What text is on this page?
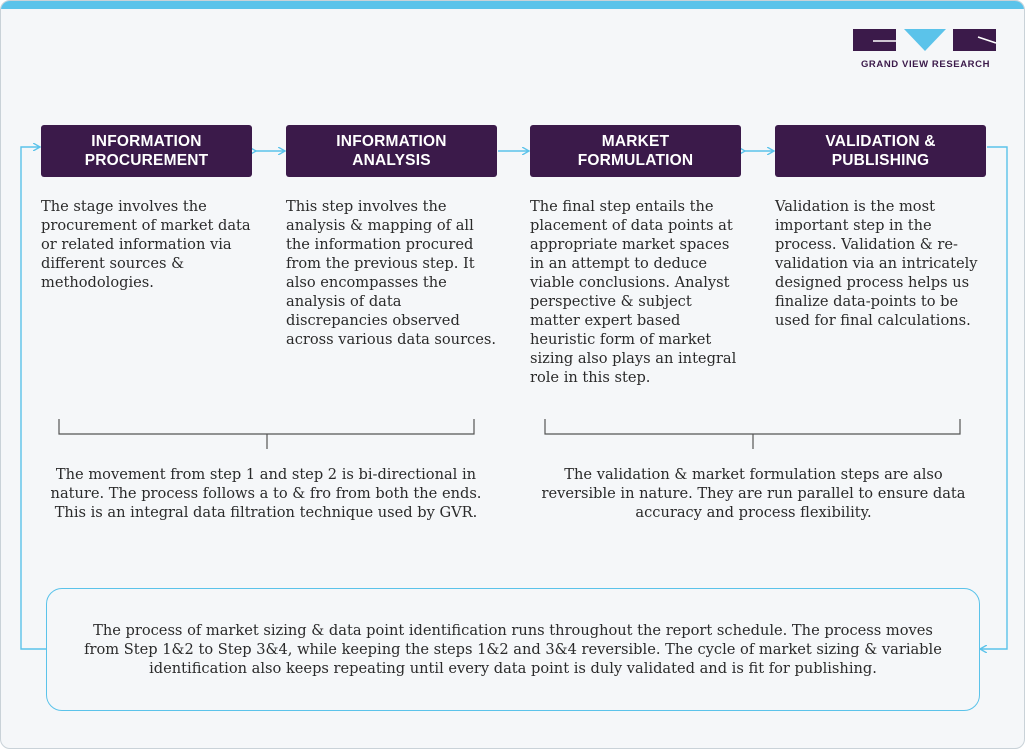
GRAND VIEW RESEARCH
INFORMATION
PROCUREMENT
INFORMATION
ANALYSIS
MARKET
FORMULATION
VALIDATION &
PUBLISHING
The stage involves the procurement of market data or related information via different sources & methodologies.
This step involves the analysis & mapping of all the information procured from the previous step. It also encompasses the analysis of data discrepancies observed across various data sources.
The final step entails the placement of data points at appropriate market spaces in an attempt to deduce viable conclusions. Analyst perspective & subject matter expert based heuristic form of market sizing also plays an integral role in this step.
Validation is the most important step in the process. Validation & re-validation via an intricately designed process helps us finalize data-points to be used for final calculations.
The movement from step 1 and step 2 is bi-directional in nature. The process follows a to & fro from both the ends. This is an integral data filtration technique used by GVR.
The validation & market formulation steps are also reversible in nature. They are run parallel to ensure data accuracy and process flexibility.
The process of market sizing & data point identification runs throughout the report schedule. The process moves from Step 1&2 to Step 3&4, while keeping the steps 1&2 and 3&4 reversible. The cycle of market sizing & variable identification also keeps repeating until every data point is duly validated and is fit for publishing.
